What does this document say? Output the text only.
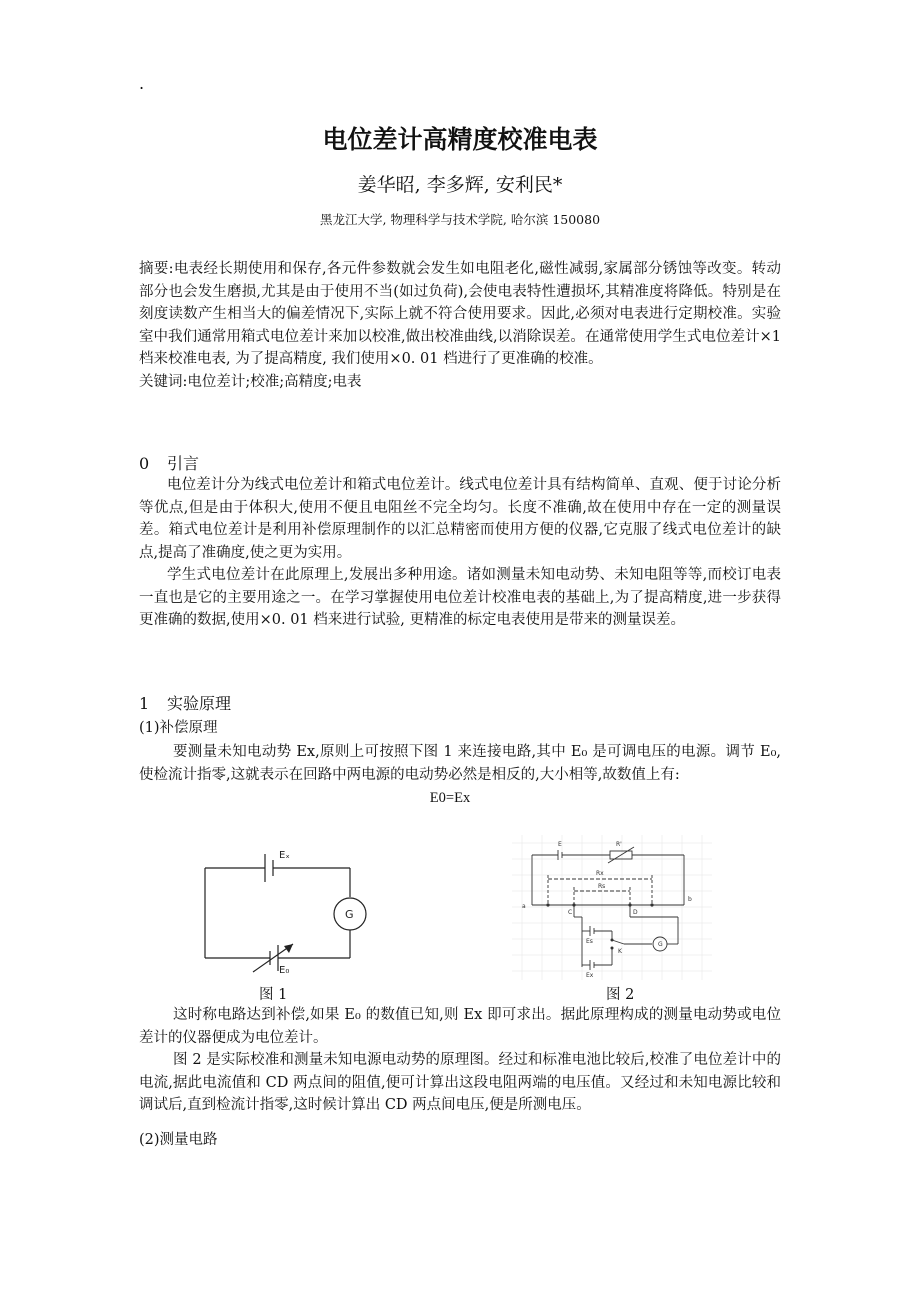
.
电位差计高精度校准电表
姜华昭, 李多辉, 安利民*
黑龙江大学, 物理科学与技术学院, 哈尔滨 150080

摘要:电表经长期使用和保存,各元件参数就会发生如电阻老化,磁性减弱,家属部分锈蚀等改变。转动部分也会发生磨损,尤其是由于使用不当(如过负荷),会使电表特性遭损坏,其精准度将降低。特别是在刻度读数产生相当大的偏差情况下,实际上就不符合使用要求。因此,必须对电表进行定期校准。实验室中我们通常用箱式电位差计来加以校准,做出校准曲线,以消除误差。在通常使用学生式电位差计×1 档来校准电表, 为了提高精度, 我们使用×0. 01 档进行了更准确的校准。

关键词:电位差计;校准;高精度;电表

0 引言

电位差计分为线式电位差计和箱式电位差计。线式电位差计具有结构简单、直观、便于讨论分析等优点,但是由于体积大,使用不便且电阻丝不完全均匀。长度不准确,故在使用中存在一定的测量误差。箱式电位差计是利用补偿原理制作的以汇总精密而使用方便的仪器,它克服了线式电位差计的缺点,提高了准确度,使之更为实用。

学生式电位差计在此原理上,发展出多种用途。诸如测量未知电动势、未知电阻等等,而校订电表一直也是它的主要用途之一。在学习掌握使用电位差计校准电表的基础上,为了提高精度,进一步获得更准确的数据,使用×0. 01 档来进行试验, 更精准的标定电表使用是带来的测量误差。

1 实验原理
(1)补偿原理

要测量未知电动势 Ex,原则上可按照下图 1 来连接电路,其中 E₀ 是可调电压的电源。调节 E₀,使检流计指零,这就表示在回路中两电源的电动势必然是相反的,大小相等,故数值上有:

E0=Ex
Eₓ
G
E₀
E	R'
Rx
Rs
a
b
C	D
Es
Ex
K
G
图 1	图 2

这时称电路达到补偿,如果 E₀ 的数值已知,则 Ex 即可求出。据此原理构成的测量电动势或电位差计的仪器便成为电位差计。

图 2 是实际校准和测量未知电源电动势的原理图。经过和标准电池比较后,校准了电位差计中的电流,据此电流值和 CD 两点间的阻值,便可计算出这段电阻两端的电压值。又经过和未知电源比较和调试后,直到检流计指零,这时候计算出 CD 两点间电压,便是所测电压。

(2)测量电路
